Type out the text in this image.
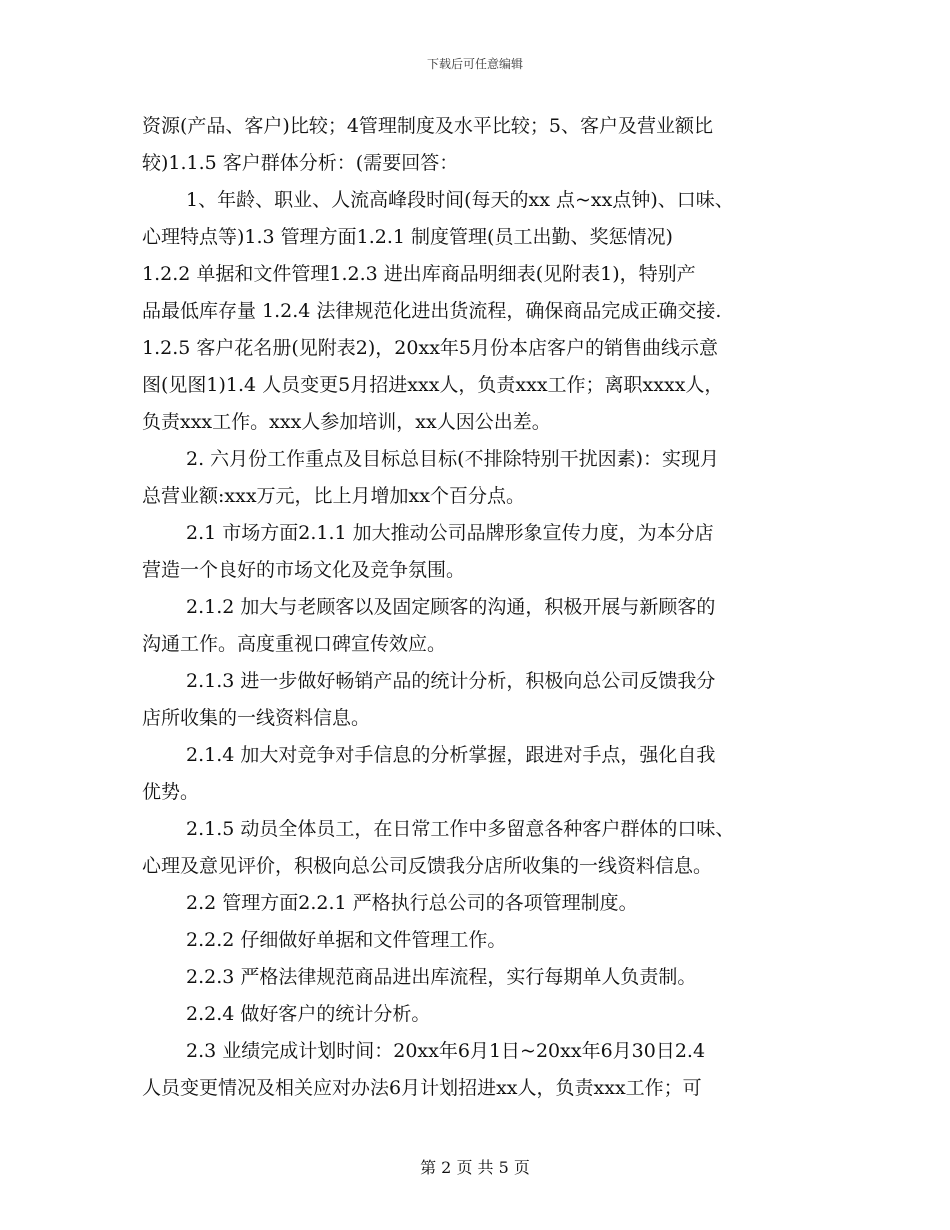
下载后可任意编辑
资源(产品、客户)比较；4管理制度及水平比较；5、客户及营业额比
较)1.1.5 客户群体分析：(需要回答：
1、年龄、职业、人流高峰段时间(每天的xx 点~xx点钟)、口味、
心理特点等)1.3 管理方面1.2.1 制度管理(员工出勤、奖惩情况)
1.2.2 单据和文件管理1.2.3 进出库商品明细表(见附表1)，特别产
品最低库存量 1.2.4 法律规范化进出货流程，确保商品完成正确交接.
1.2.5 客户花名册(见附表2)，20xx年5月份本店客户的销售曲线示意
图(见图1)1.4 人员变更5月招进xxx人，负责xxx工作；离职xxxx人，
负责xxx工作。xxx人参加培训，xx人因公出差。
2. 六月份工作重点及目标总目标(不排除特别干扰因素)：实现月
总营业额:xxx万元，比上月增加xx个百分点。
2.1 市场方面2.1.1 加大推动公司品牌形象宣传力度，为本分店
营造一个良好的市场文化及竞争氛围。
2.1.2 加大与老顾客以及固定顾客的沟通，积极开展与新顾客的
沟通工作。高度重视口碑宣传效应。
2.1.3 进一步做好畅销产品的统计分析，积极向总公司反馈我分
店所收集的一线资料信息。
2.1.4 加大对竞争对手信息的分析掌握，跟进对手点，强化自我
优势。
2.1.5 动员全体员工，在日常工作中多留意各种客户群体的口味、
心理及意见评价，积极向总公司反馈我分店所收集的一线资料信息。
2.2 管理方面2.2.1 严格执行总公司的各项管理制度。
2.2.2 仔细做好单据和文件管理工作。
2.2.3 严格法律规范商品进出库流程，实行每期单人负责制。
2.2.4 做好客户的统计分析。
2.3 业绩完成计划时间：20xx年6月1日~20xx年6月30日2.4
人员变更情况及相关应对办法6月计划招进xx人，负责xxx工作；可
第 2 页 共 5 页
